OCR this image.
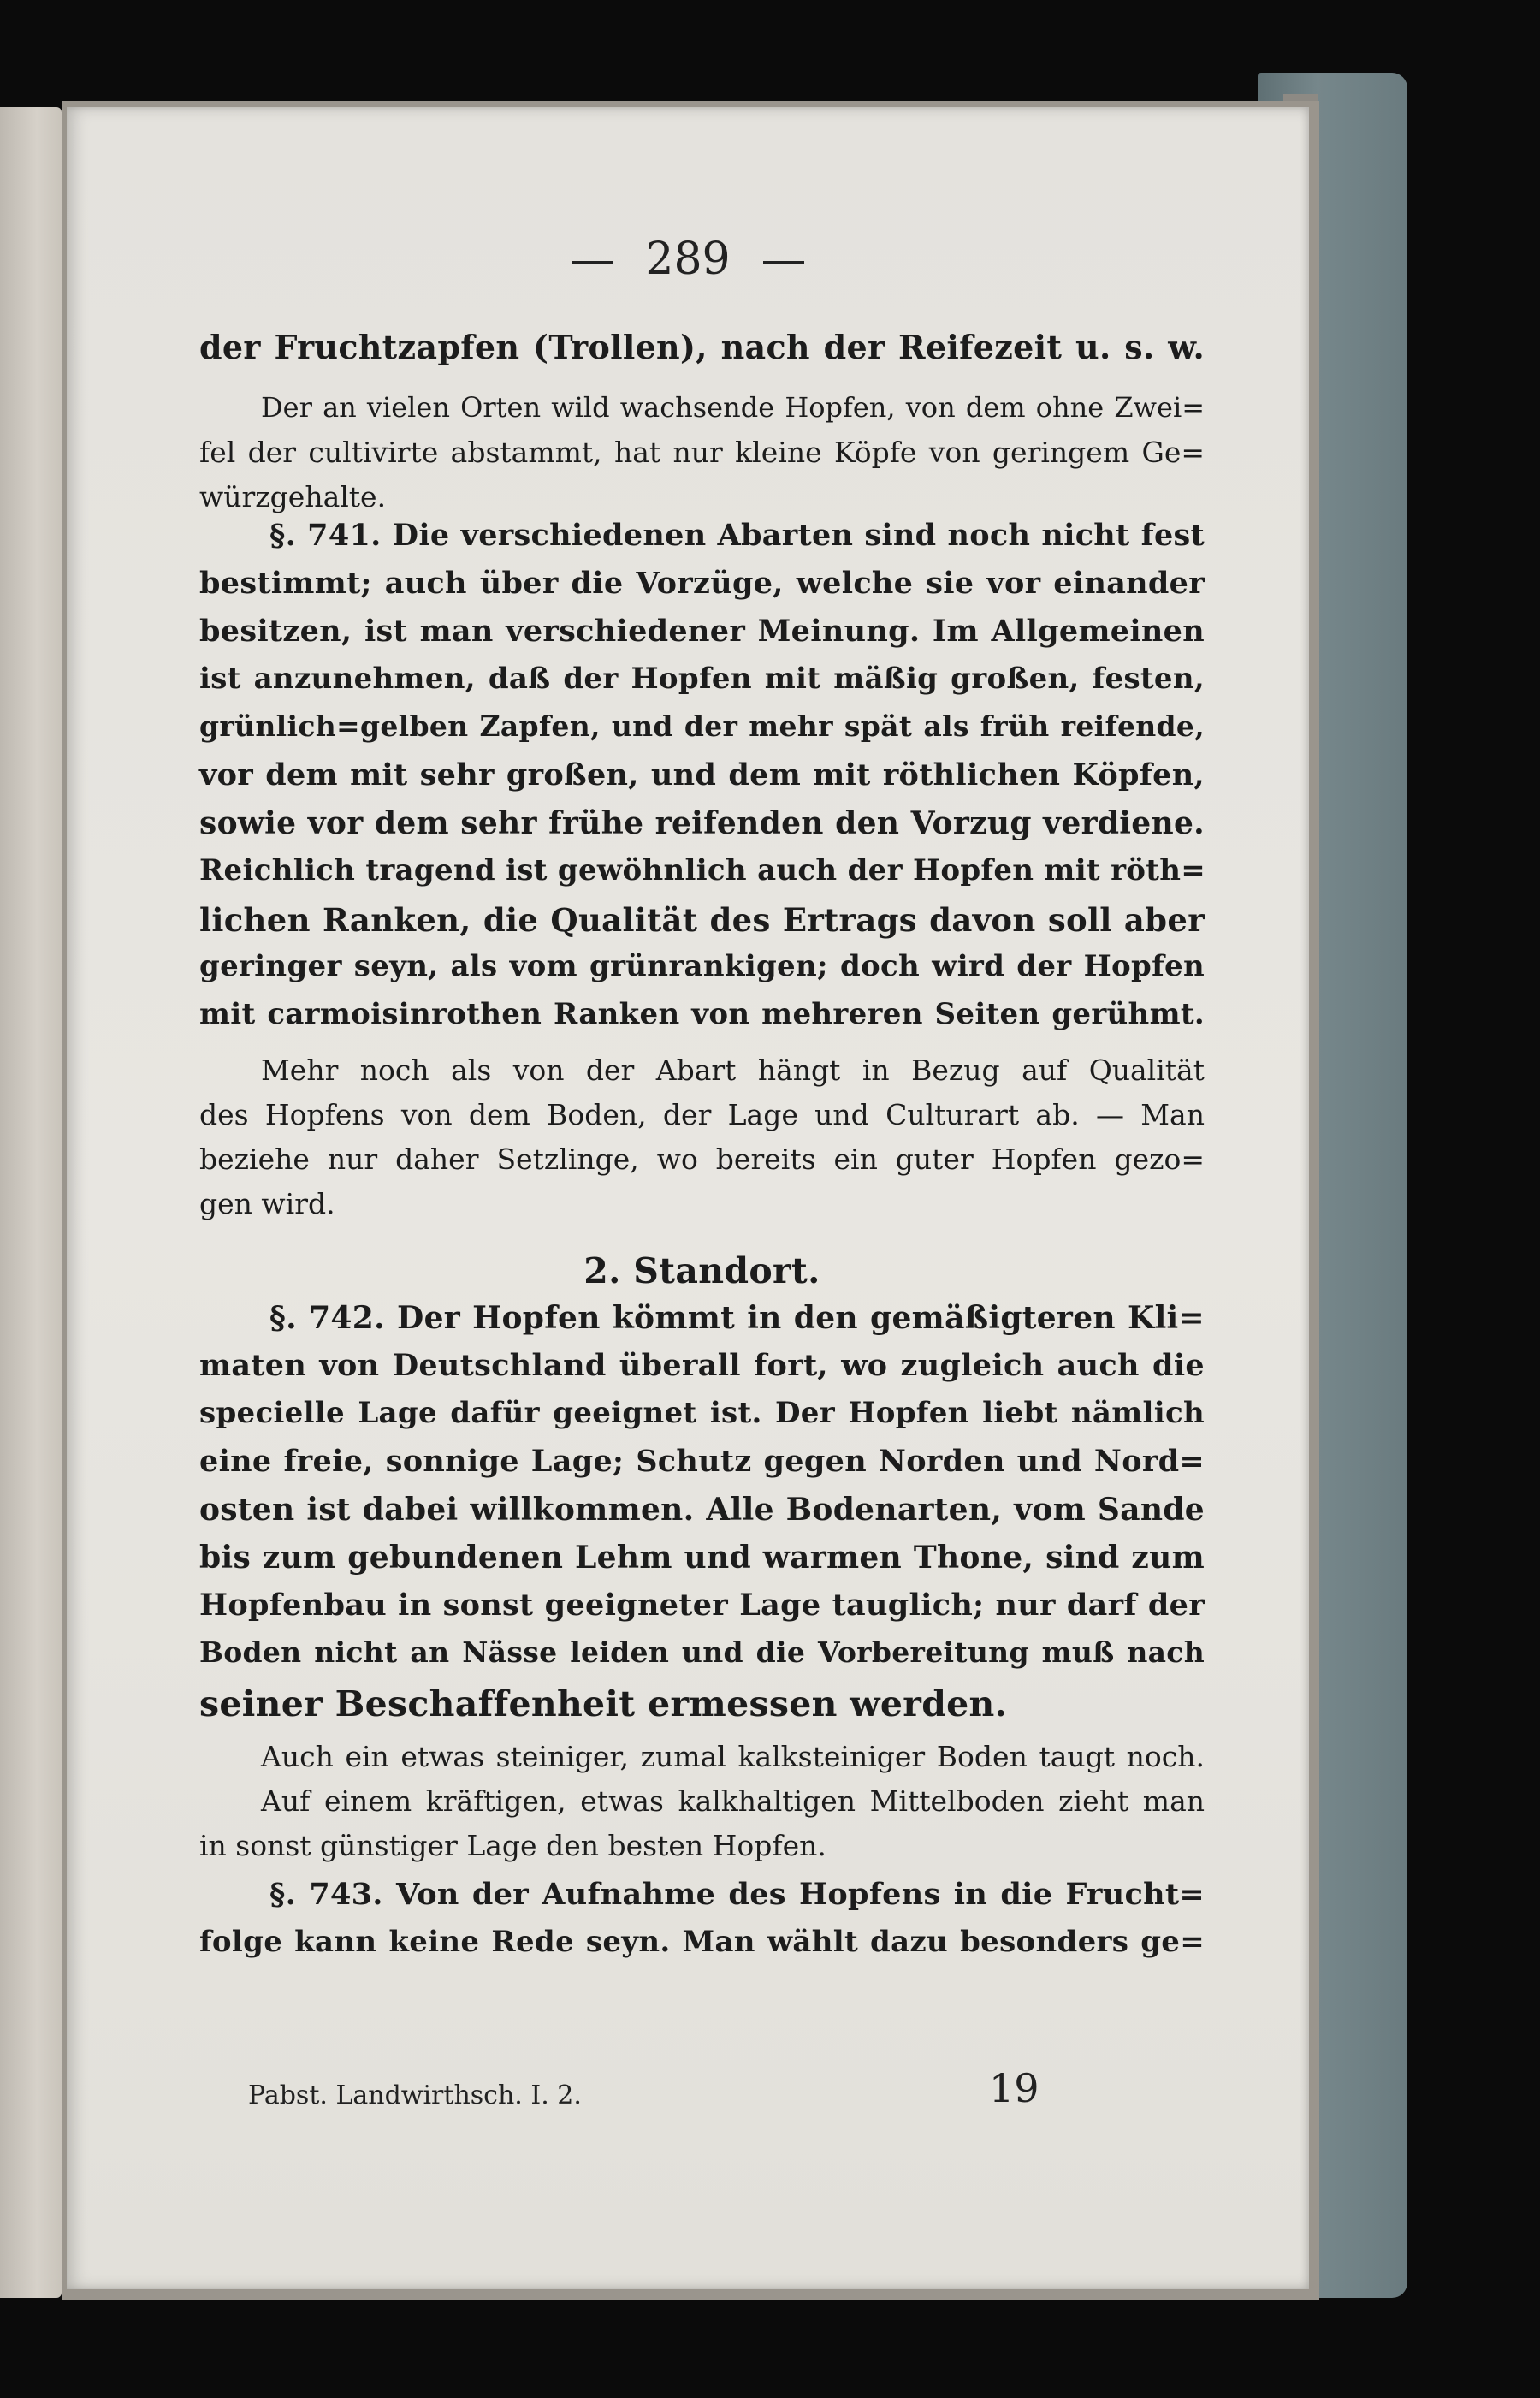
289
der Fruchtzapfen (Trollen), nach der Reifezeit u. s. w.
Der an vielen Orten wild wachsende Hopfen, von dem ohne Zwei=
fel der cultivirte abstammt, hat nur kleine Köpfe von geringem Ge=
würzgehalte.
§. 741. Die verschiedenen Abarten sind noch nicht fest
bestimmt; auch über die Vorzüge, welche sie vor einander
besitzen, ist man verschiedener Meinung. Im Allgemeinen
ist anzunehmen, daß der Hopfen mit mäßig großen, festen,
grünlich=gelben Zapfen, und der mehr spät als früh reifende,
vor dem mit sehr großen, und dem mit röthlichen Köpfen,
sowie vor dem sehr frühe reifenden den Vorzug verdiene.
Reichlich tragend ist gewöhnlich auch der Hopfen mit röth=
lichen Ranken, die Qualität des Ertrags davon soll aber
geringer seyn, als vom grünrankigen; doch wird der Hopfen
mit carmoisinrothen Ranken von mehreren Seiten gerühmt.
Mehr noch als von der Abart hängt in Bezug auf Qualität
des Hopfens von dem Boden, der Lage und Culturart ab. — Man
beziehe nur daher Setzlinge, wo bereits ein guter Hopfen gezo=
gen wird.
2. Standort.
§. 742. Der Hopfen kömmt in den gemäßigteren Kli=
maten von Deutschland überall fort, wo zugleich auch die
specielle Lage dafür geeignet ist. Der Hopfen liebt nämlich
eine freie, sonnige Lage; Schutz gegen Norden und Nord=
osten ist dabei willkommen. Alle Bodenarten, vom Sande
bis zum gebundenen Lehm und warmen Thone, sind zum
Hopfenbau in sonst geeigneter Lage tauglich; nur darf der
Boden nicht an Nässe leiden und die Vorbereitung muß nach
seiner Beschaffenheit ermessen werden.
Auch ein etwas steiniger, zumal kalksteiniger Boden taugt noch.
Auf einem kräftigen, etwas kalkhaltigen Mittelboden zieht man
in sonst günstiger Lage den besten Hopfen.
§. 743. Von der Aufnahme des Hopfens in die Frucht=
folge kann keine Rede seyn. Man wählt dazu besonders ge=
Pabst. Landwirthsch. I. 2.	19
